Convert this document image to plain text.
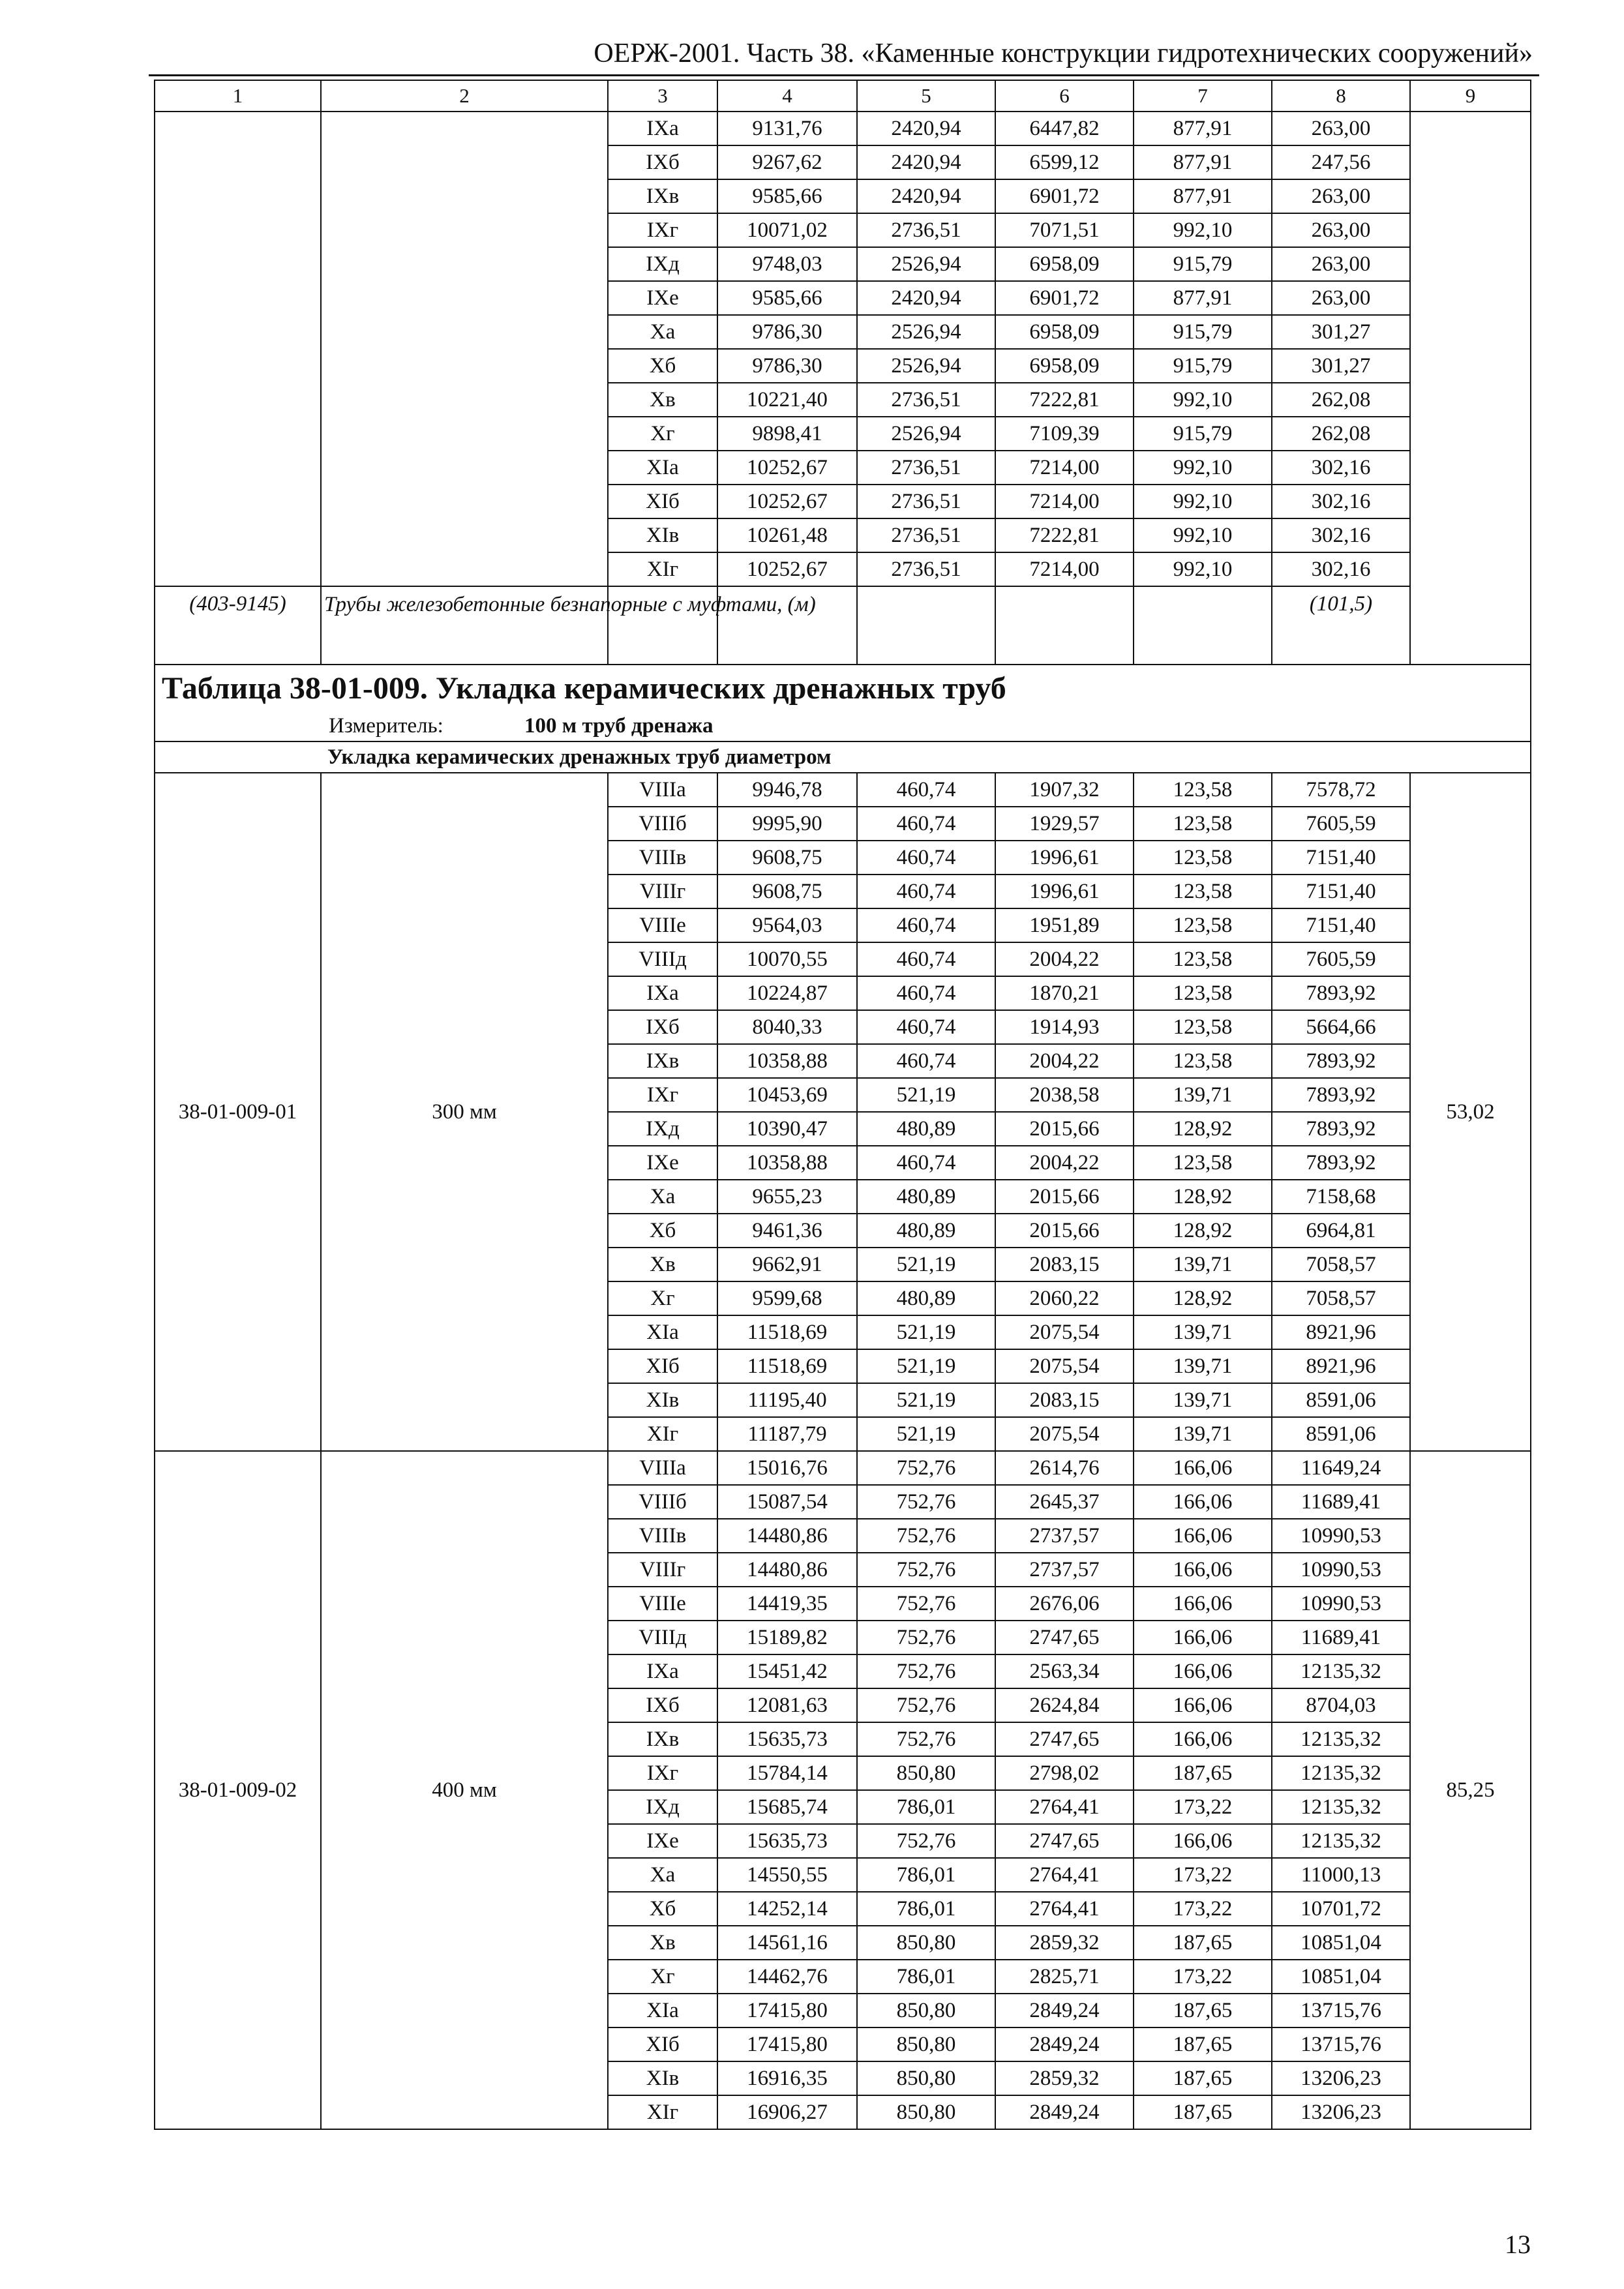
ОЕРЖ-2001. Часть 38. «Каменные конструкции гидротехнических сооружений»
1	2	3	4	5	6	7	8	9
		IXа	9131,76	2420,94	6447,82	877,91	263,00	
		IXб	9267,62	2420,94	6599,12	877,91	247,56	
		IXв	9585,66	2420,94	6901,72	877,91	263,00	
		IXг	10071,02	2736,51	7071,51	992,10	263,00	
		IXд	9748,03	2526,94	6958,09	915,79	263,00	
		IXе	9585,66	2420,94	6901,72	877,91	263,00	
		Xа	9786,30	2526,94	6958,09	915,79	301,27	
		Xб	9786,30	2526,94	6958,09	915,79	301,27	
		Xв	10221,40	2736,51	7222,81	992,10	262,08	
		Xг	9898,41	2526,94	7109,39	915,79	262,08	
		XIа	10252,67	2736,51	7214,00	992,10	302,16	
		XIб	10252,67	2736,51	7214,00	992,10	302,16	
		XIв	10261,48	2736,51	7222,81	992,10	302,16	
		XIг	10252,67	2736,51	7214,00	992,10	302,16	
(403-9145)	Трубы железобетонные безнапорные с муфтами, (м)						(101,5)	
Таблица 38-01-009. Укладка керамических дренажных труб								
Измеритель: 100 м труб дренажа								
Укладка керамических дренажных труб диаметром								
38-01-009-01	300 мм	VIIIа	9946,78	460,74	1907,32	123,58	7578,72	53,02
		VIIIб	9995,90	460,74	1929,57	123,58	7605,59	
		VIIIв	9608,75	460,74	1996,61	123,58	7151,40	
		VIIIг	9608,75	460,74	1996,61	123,58	7151,40	
		VIIIе	9564,03	460,74	1951,89	123,58	7151,40	
		VIIIд	10070,55	460,74	2004,22	123,58	7605,59	
		IXа	10224,87	460,74	1870,21	123,58	7893,92	
		IXб	8040,33	460,74	1914,93	123,58	5664,66	
		IXв	10358,88	460,74	2004,22	123,58	7893,92	
		IXг	10453,69	521,19	2038,58	139,71	7893,92	
		IXд	10390,47	480,89	2015,66	128,92	7893,92	
		IXе	10358,88	460,74	2004,22	123,58	7893,92	
		Xа	9655,23	480,89	2015,66	128,92	7158,68	
		Xб	9461,36	480,89	2015,66	128,92	6964,81	
		Xв	9662,91	521,19	2083,15	139,71	7058,57	
		Xг	9599,68	480,89	2060,22	128,92	7058,57	
		XIа	11518,69	521,19	2075,54	139,71	8921,96	
		XIб	11518,69	521,19	2075,54	139,71	8921,96	
		XIв	11195,40	521,19	2083,15	139,71	8591,06	
		XIг	11187,79	521,19	2075,54	139,71	8591,06	
38-01-009-02	400 мм	VIIIа	15016,76	752,76	2614,76	166,06	11649,24	85,25
		VIIIб	15087,54	752,76	2645,37	166,06	11689,41	
		VIIIв	14480,86	752,76	2737,57	166,06	10990,53	
		VIIIг	14480,86	752,76	2737,57	166,06	10990,53	
		VIIIе	14419,35	752,76	2676,06	166,06	10990,53	
		VIIIд	15189,82	752,76	2747,65	166,06	11689,41	
		IXа	15451,42	752,76	2563,34	166,06	12135,32	
		IXб	12081,63	752,76	2624,84	166,06	8704,03	
		IXв	15635,73	752,76	2747,65	166,06	12135,32	
		IXг	15784,14	850,80	2798,02	187,65	12135,32	
		IXд	15685,74	786,01	2764,41	173,22	12135,32	
		IXе	15635,73	752,76	2747,65	166,06	12135,32	
		Xа	14550,55	786,01	2764,41	173,22	11000,13	
		Xб	14252,14	786,01	2764,41	173,22	10701,72	
		Xв	14561,16	850,80	2859,32	187,65	10851,04	
		Xг	14462,76	786,01	2825,71	173,22	10851,04	
		XIа	17415,80	850,80	2849,24	187,65	13715,76	
		XIб	17415,80	850,80	2849,24	187,65	13715,76	
		XIв	16916,35	850,80	2859,32	187,65	13206,23	
		XIг	16906,27	850,80	2849,24	187,65	13206,23	
13
